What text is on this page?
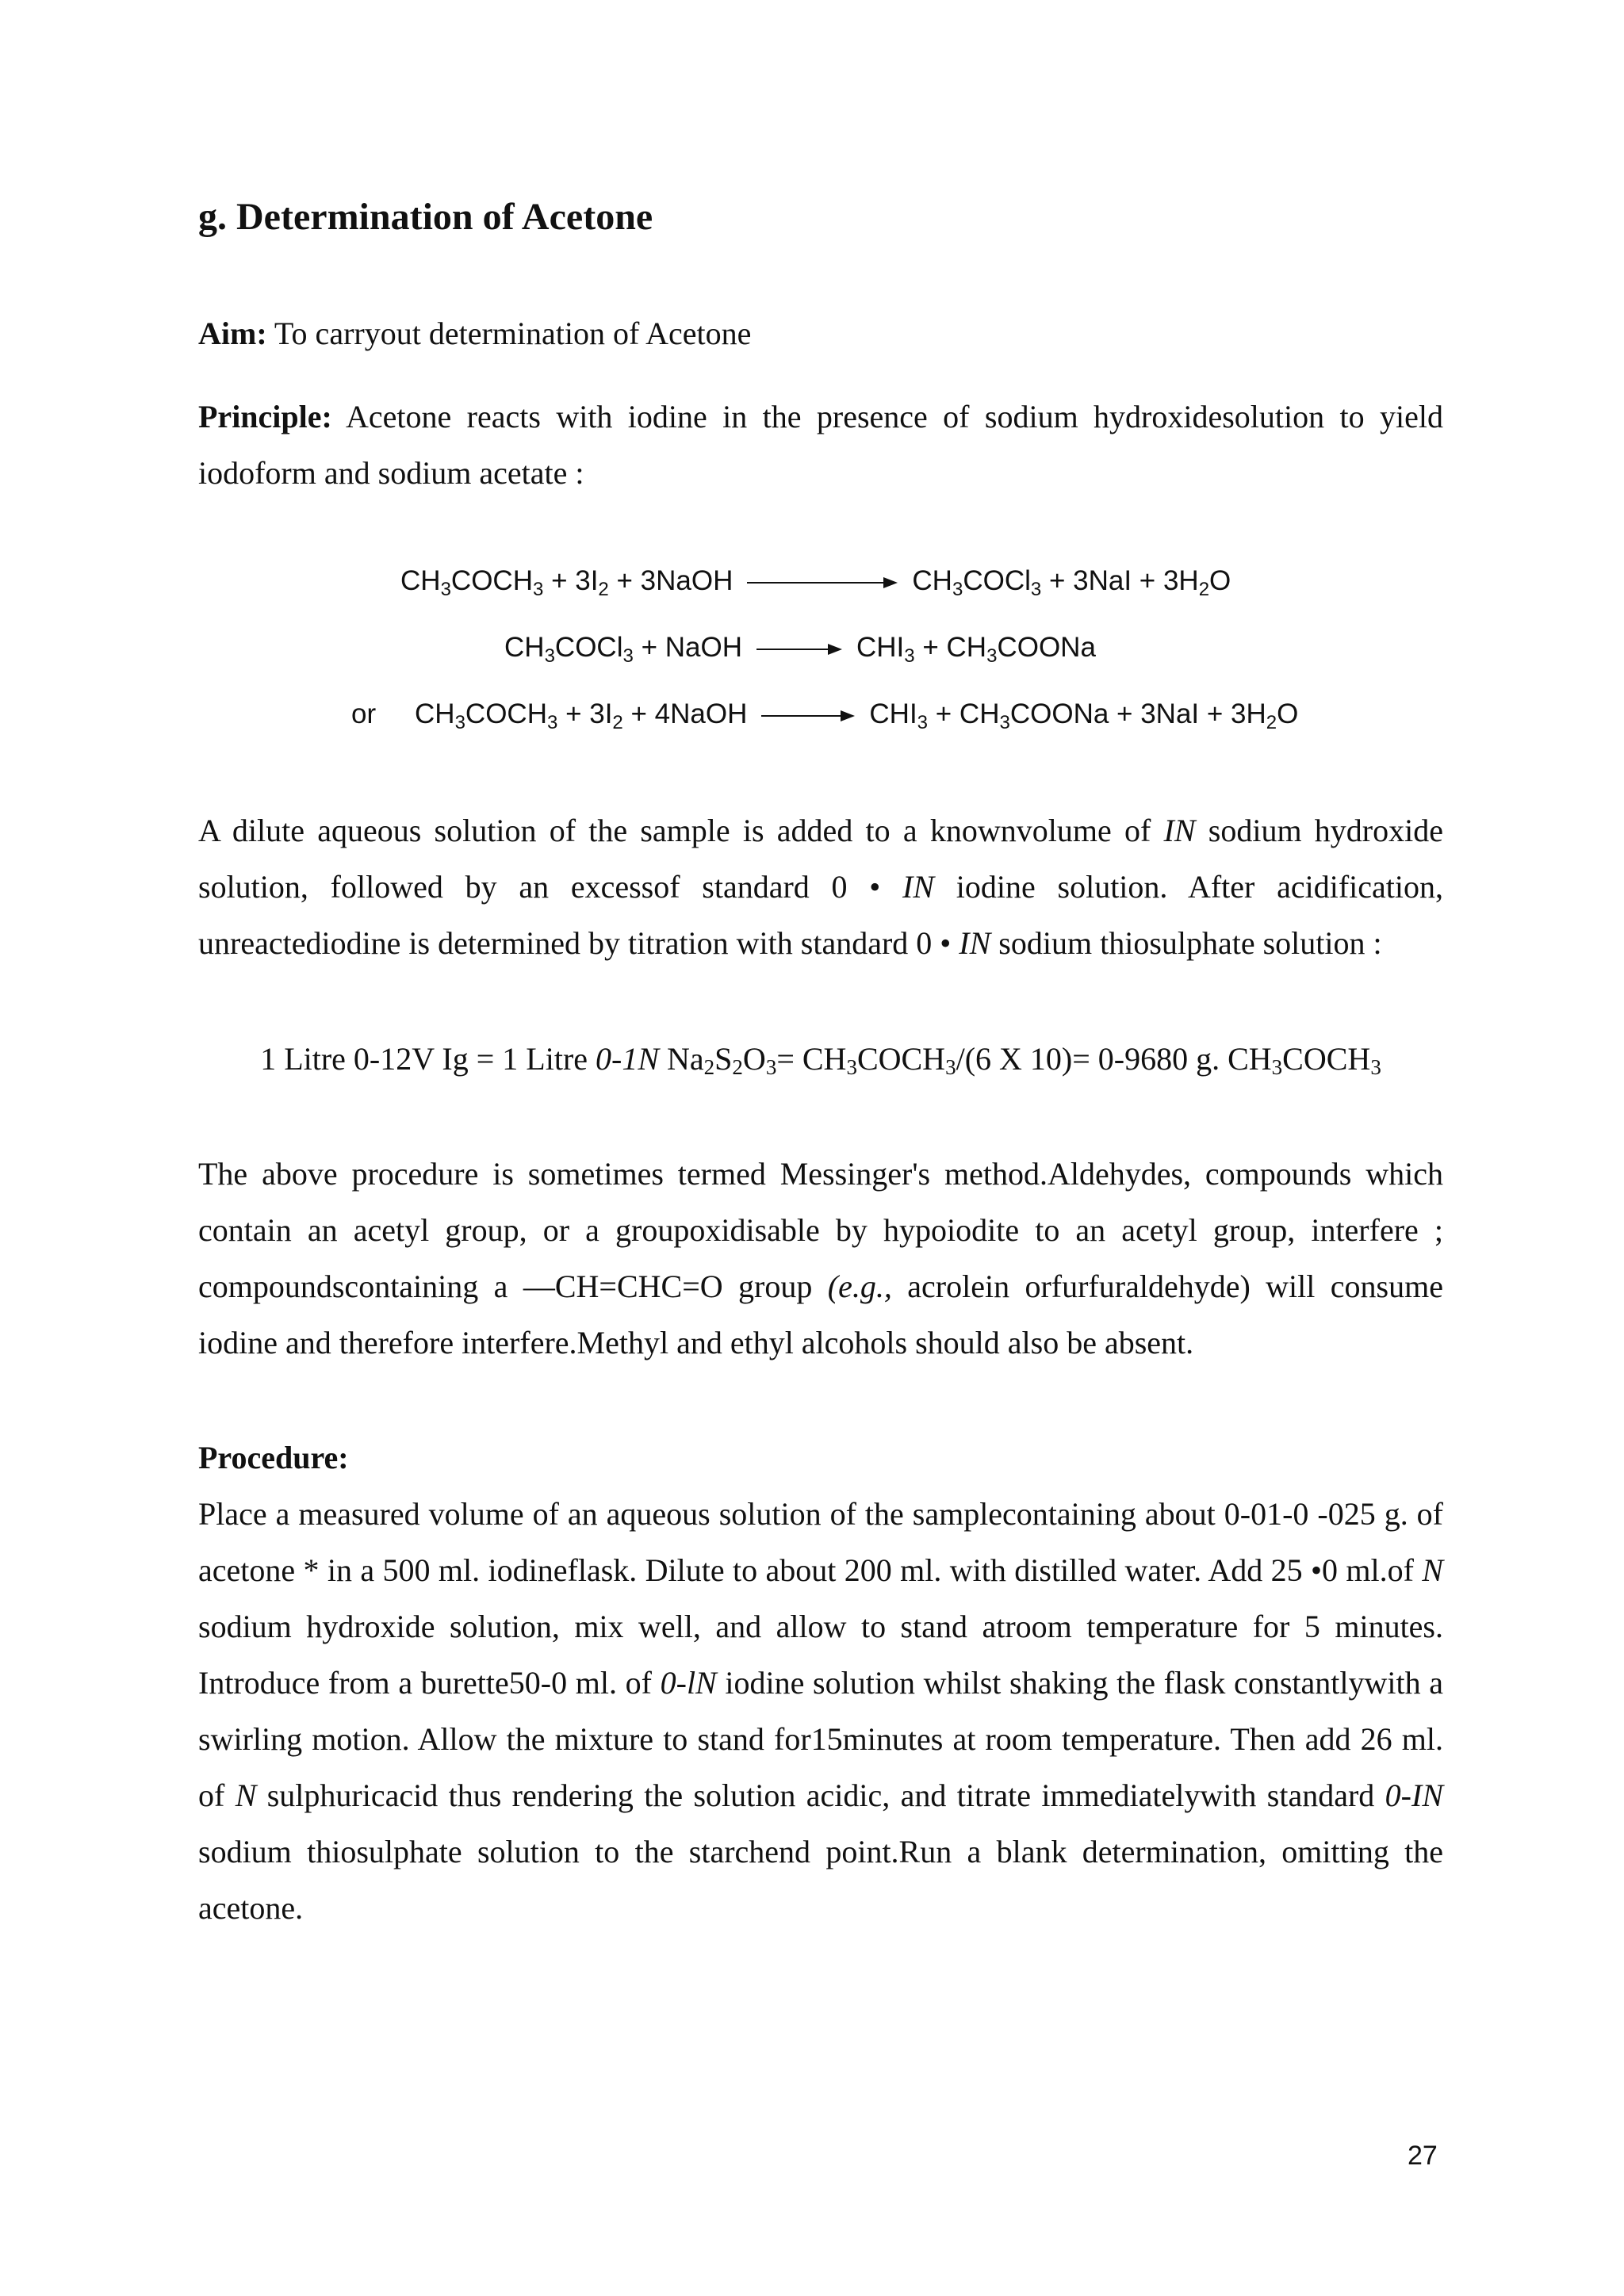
g. Determination of Acetone

Aim: To carryout determination of Acetone

Principle: Acetone reacts with iodine in the presence of sodium hydroxidesolution to yield iodoform and sodium acetate :

$CH_3COCH_3 + 3I_2$ + 3NaOH	$CH_3COCl_3 + 3NaI + 3H_2O$
$CH_3COCl_3$ + NaOH	$CHI_3$ + $CH_3COONa$
or $CH_3COCH_3 + 3I_2$ + 4NaOH	$CHI_3$ + $CH_3COONa + 3NaI + 3H_2O$

A dilute aqueous solution of the sample is added to a knownvolume of IN sodium hydroxide solution, followed by an excessof standard 0 • IN iodine solution. After acidification, unreactediodine is determined by titration with standard 0 • IN sodium thiosulphate solution :

1 Litre 0-12V Ig = 1 Litre 0-1N $Na_2S_2O_3=$ $CH_3COCH_3/(6$ X 10)= 0-9680 g. $CH_3COCH_3$

The above procedure is sometimes termed Messinger's method.Aldehydes, compounds which contain an acetyl group, or a groupoxidisable by hypoiodite to an acetyl group, interfere ; compoundscontaining a —CH=CHC=O group (e.g., acrolein orfurfuraldehyde) will consume iodine and therefore interfere.Methyl and ethyl alcohols should also be absent.

Procedure:

Place a measured volume of an aqueous solution of the samplecontaining about 0-01-0 -025 g. of acetone * in a 500 ml. iodineflask. Dilute to about 200 ml. with distilled water. Add 25 •0 ml.of N sodium hydroxide solution, mix well, and allow to stand atroom temperature for 5 minutes. Introduce from a burette50-0 ml. of 0-lN iodine solution whilst shaking the flask constantlywith a swirling motion. Allow the mixture to stand for15minutes at room temperature. Then add 26 ml. of N sulphuricacid thus rendering the solution acidic, and titrate immediatelywith standard 0-IN sodium thiosulphate solution to the starchend point.Run a blank determination, omitting the acetone.

27
